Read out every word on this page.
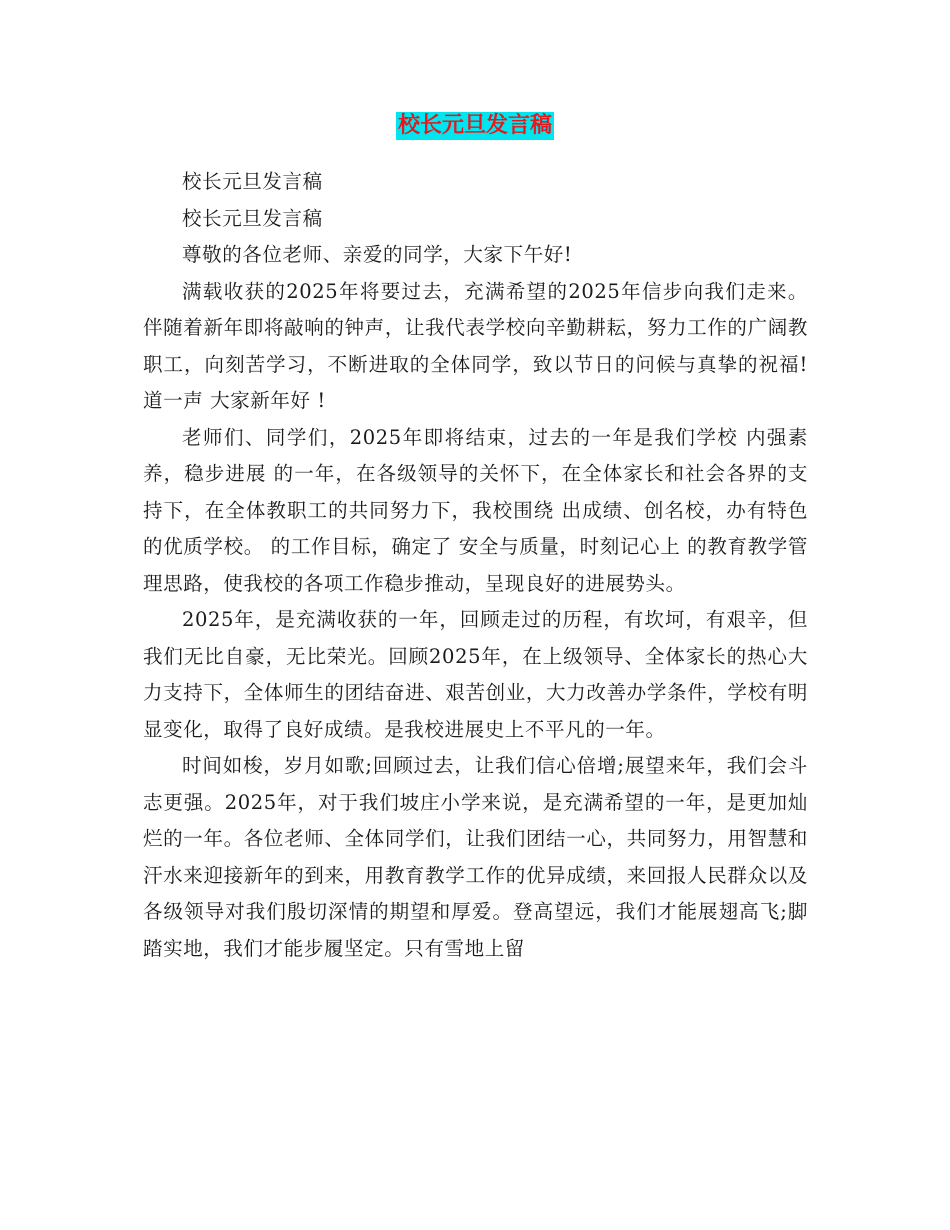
校长元旦发言稿

校长元旦发言稿

校长元旦发言稿

尊敬的各位老师、亲爱的同学，大家下午好!

满载收获的2025年将要过去，充满希望的2025年信步向我们走来。伴随着新年即将敲响的钟声，让我代表学校向辛勤耕耘，努力工作的广阔教职工，向刻苦学习，不断进取的全体同学，致以节日的问候与真挚的祝福!道一声 大家新年好 !

老师们、同学们，2025年即将结束，过去的一年是我们学校 内强素养，稳步进展 的一年，在各级领导的关怀下，在全体家长和社会各界的支持下，在全体教职工的共同努力下，我校围绕 出成绩、创名校，办有特色的优质学校。 的工作目标，确定了 安全与质量，时刻记心上 的教育教学管理思路，使我校的各项工作稳步推动，呈现良好的进展势头。

2025年，是充满收获的一年，回顾走过的历程，有坎坷，有艰辛，但我们无比自豪，无比荣光。回顾2025年，在上级领导、全体家长的热心大力支持下，全体师生的团结奋进、艰苦创业，大力改善办学条件，学校有明显变化，取得了良好成绩。是我校进展史上不平凡的一年。

时间如梭，岁月如歌;回顾过去，让我们信心倍增;展望来年，我们会斗志更强。2025年，对于我们坡庄小学来说，是充满希望的一年，是更加灿烂的一年。各位老师、全体同学们，让我们团结一心，共同努力，用智慧和汗水来迎接新年的到来，用教育教学工作的优异成绩，来回报人民群众以及各级领导对我们殷切深情的期望和厚爱。登高望远，我们才能展翅高飞;脚踏实地，我们才能步履坚定。只有雪地上留
